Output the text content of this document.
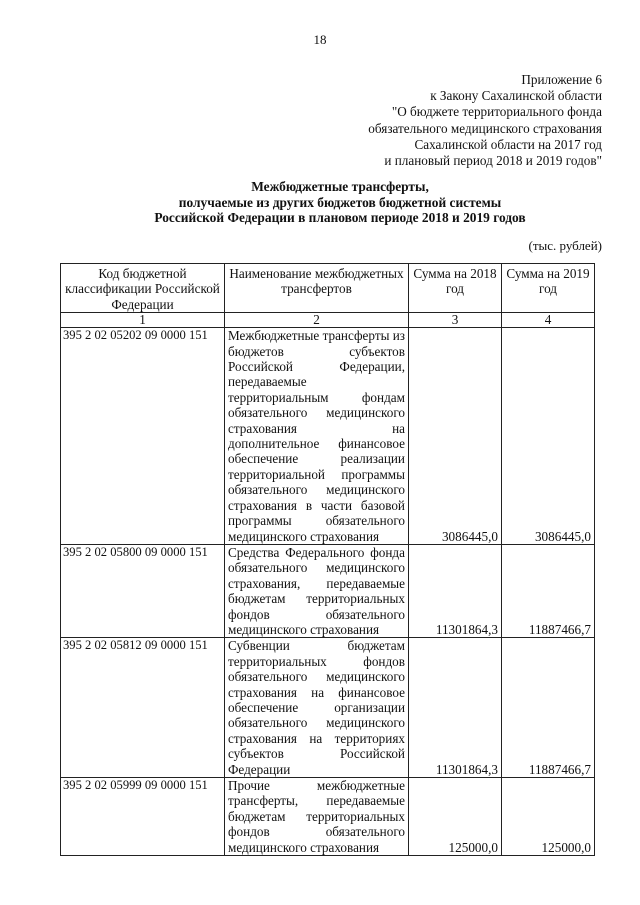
18
Приложение 6
к Закону Сахалинской области
"О бюджете территориального фонда
обязательного медицинского страхования
Сахалинской области на 2017 год
и плановый период 2018 и 2019 годов"
Межбюджетные трансферты,
получаемые из других бюджетов бюджетной системы
Российской Федерации в плановом периоде 2018 и 2019 годов
(тыс. рублей)
Код бюджетной классификации Российской Федерации	Наименование межбюджетных трансфертов	Сумма на 2018 год	Сумма на 2019 год
1	2	3	4
395 2 02 05202 09 0000 151	Межбюджетные трансферты из бюджетов субъектов Российской Федерации, передаваемые территориальным фондам обязательного медицинского страхования на дополнительное финансовое обеспечение реализации территориальной программы обязательного медицинского страхования в части базовой программы обязательного медицинского страхования	3086445,0	3086445,0
395 2 02 05800 09 0000 151	Средства Федерального фонда обязательного медицинского страхования, передаваемые бюджетам территориальных фондов обязательного медицинского страхования	11301864,3	11887466,7
395 2 02 05812 09 0000 151	Субвенции бюджетам территориальных фондов обязательного медицинского страхования на финансовое обеспечение организации обязательного медицинского страхования на территориях субъектов Российской Федерации	11301864,3	11887466,7
395 2 02 05999 09 0000 151	Прочие межбюджетные трансферты, передаваемые бюджетам территориальных фондов обязательного медицинского страхования	125000,0	125000,0
